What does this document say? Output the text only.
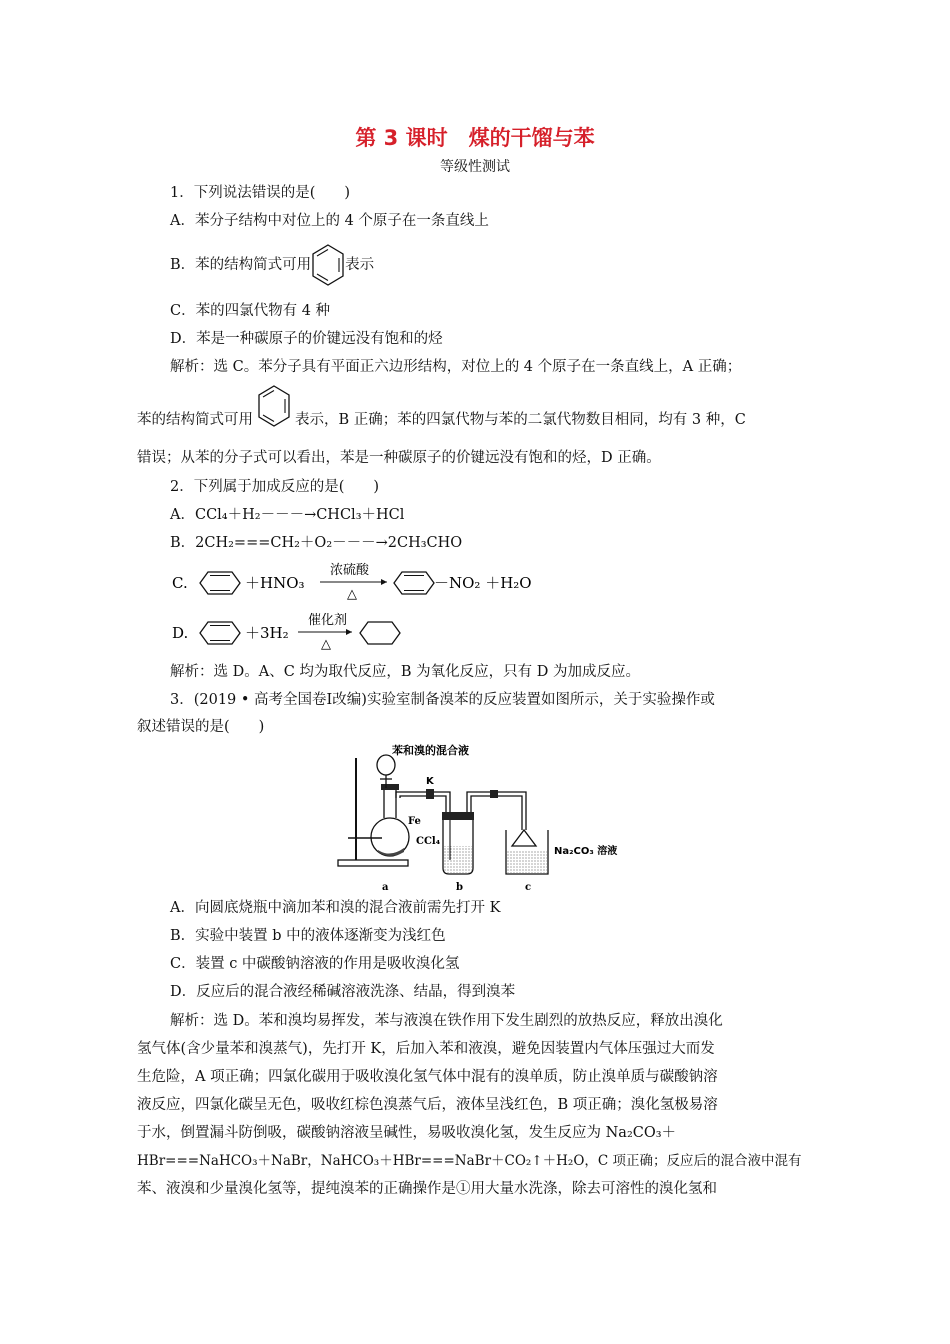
第 3 课时　煤的干馏与苯
等级性测试
1．下列说法错误的是(　　)
A．苯分子结构中对位上的 4 个原子在一条直线上
B．苯的结构简式可用 表示
C．苯的四氯代物有 4 种
D．苯是一种碳原子的价键远没有饱和的烃
解析：选 C。苯分子具有平面正六边形结构，对位上的 4 个原子在一条直线上，A 正确；
苯的结构简式可用	表示，B 正确；苯的四氯代物与苯的二氯代物数目相同，均有 3 种，C
错误；从苯的分子式可以看出，苯是一种碳原子的价键远没有饱和的烃，D 正确。
2．下列属于加成反应的是(　　)
A．CCl₄＋H₂－－－→CHCl₃＋HCl
B．2CH₂===CH₂＋O₂－－－→2CH₃CHO
C.	＋HNO₃
浓硫酸
△
－NO₂ ＋H₂O
D.	＋3H₂
催化剂
△
解析：选 D。A、C 均为取代反应，B 为氧化反应，只有 D 为加成反应。
3．(2019 • 高考全国卷Ⅰ改编)实验室制备溴苯的反应装置如图所示，关于实验操作或
叙述错误的是(　　)
苯和溴的混合液
K
Fe
CCl₄
Na₂CO₃ 溶液
a	b	c
A．向圆底烧瓶中滴加苯和溴的混合液前需先打开 K
B．实验中装置 b 中的液体逐渐变为浅红色
C．装置 c 中碳酸钠溶液的作用是吸收溴化氢
D．反应后的混合液经稀碱溶液洗涤、结晶，得到溴苯
解析：选 D。苯和溴均易挥发，苯与液溴在铁作用下发生剧烈的放热反应，释放出溴化
氢气体(含少量苯和溴蒸气)，先打开 K，后加入苯和液溴，避免因装置内气体压强过大而发
生危险，A 项正确；四氯化碳用于吸收溴化氢气体中混有的溴单质，防止溴单质与碳酸钠溶
液反应，四氯化碳呈无色，吸收红棕色溴蒸气后，液体呈浅红色，B 项正确；溴化氢极易溶
于水，倒置漏斗防倒吸，碳酸钠溶液呈碱性，易吸收溴化氢，发生反应为 Na₂CO₃＋
HBr===NaHCO₃＋NaBr，NaHCO₃＋HBr===NaBr＋CO₂↑＋H₂O，C 项正确；反应后的混合液中混有
苯、液溴和少量溴化氢等，提纯溴苯的正确操作是①用大量水洗涤，除去可溶性的溴化氢和
